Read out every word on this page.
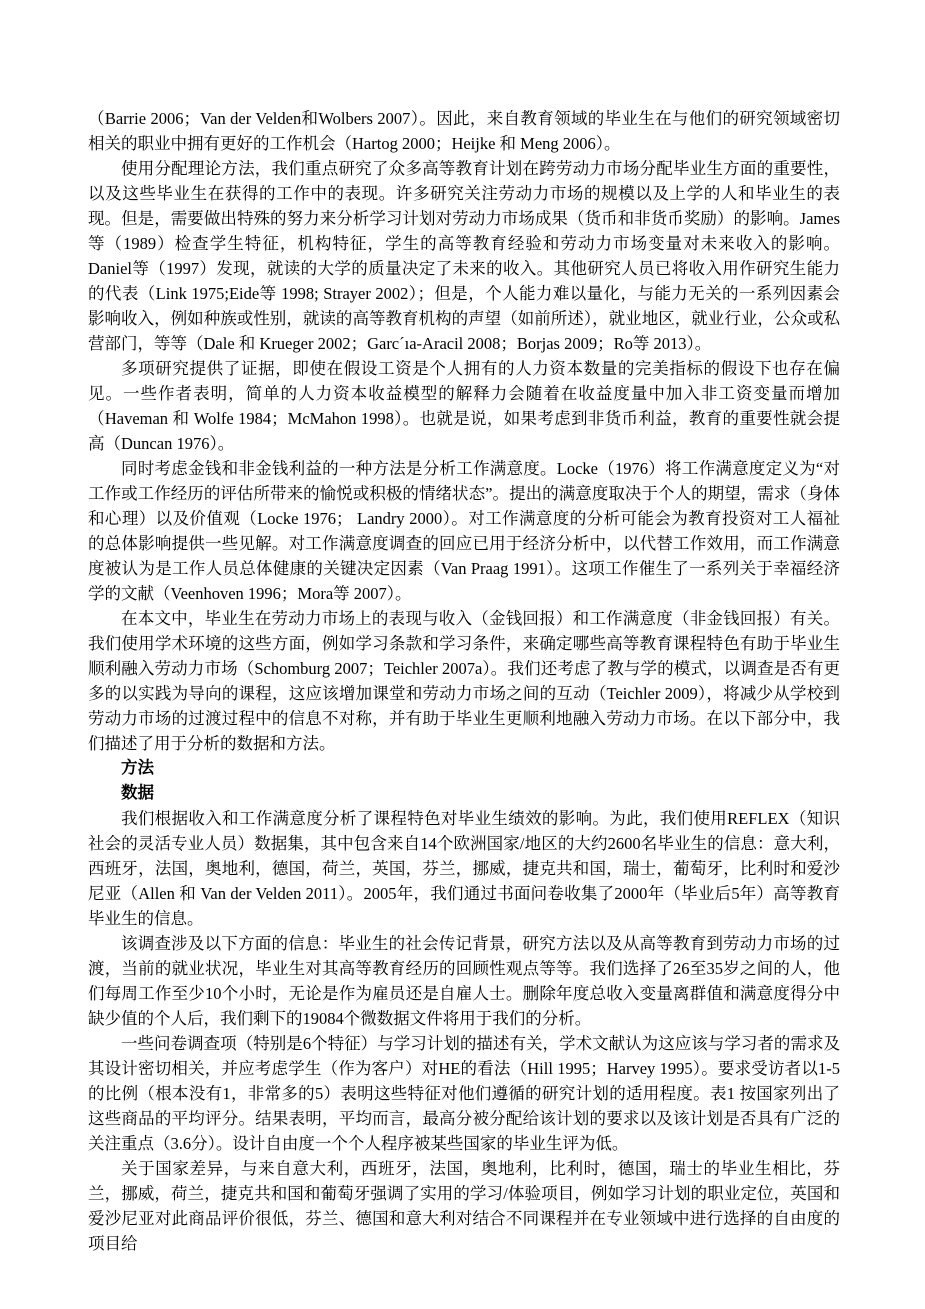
（Barrie 2006；Van der Velden和Wolbers 2007）。因此，来自教育领域的毕业生在与他们的研究领域密切相关的职业中拥有更好的工作机会（Hartog 2000；Heijke 和 Meng 2006）。

使用分配理论方法，我们重点研究了众多高等教育计划在跨劳动力市场分配毕业生方面的重要性，以及这些毕业生在获得的工作中的表现。许多研究关注劳动力市场的规模以及上学的人和毕业生的表现。但是，需要做出特殊的努力来分析学习计划对劳动力市场成果（货币和非货币奖励）的影响。James等（1989）检查学生特征，机构特征，学生的高等教育经验和劳动力市场变量对未来收入的影响。Daniel等（1997）发现，就读的大学的质量决定了未来的收入。其他研究人员已将收入用作研究生能力的代表（Link 1975;Eide等 1998; Strayer 2002）；但是，个人能力难以量化，与能力无关的一系列因素会影响收入，例如种族或性别，就读的高等教育机构的声望（如前所述），就业地区，就业行业，公众或私营部门，等等（Dale 和 Krueger 2002；Garc´ıa-Aracil 2008；Borjas 2009；Ro等 2013）。

多项研究提供了证据，即使在假设工资是个人拥有的人力资本数量的完美指标的假设下也存在偏见。一些作者表明，简单的人力资本收益模型的解释力会随着在收益度量中加入非工资变量而增加（Haveman 和 Wolfe 1984；McMahon 1998）。也就是说，如果考虑到非货币利益，教育的重要性就会提高（Duncan 1976）。

同时考虑金钱和非金钱利益的一种方法是分析工作满意度。Locke（1976）将工作满意度定义为“对工作或工作经历的评估所带来的愉悦或积极的情绪状态”。提出的满意度取决于个人的期望，需求（身体和心理）以及价值观（Locke 1976； Landry 2000）。对工作满意度的分析可能会为教育投资对工人福祉的总体影响提供一些见解。对工作满意度调查的回应已用于经济分析中，以代替工作效用，而工作满意度被认为是工作人员总体健康的关键决定因素（Van Praag 1991）。这项工作催生了一系列关于幸福经济学的文献（Veenhoven 1996；Mora等 2007）。

在本文中，毕业生在劳动力市场上的表现与收入（金钱回报）和工作满意度（非金钱回报）有关。我们使用学术环境的这些方面，例如学习条款和学习条件，来确定哪些高等教育课程特色有助于毕业生顺利融入劳动力市场（Schomburg 2007；Teichler 2007a）。我们还考虑了教与学的模式，以调查是否有更多的以实践为导向的课程，这应该增加课堂和劳动力市场之间的互动（Teichler 2009），将减少从学校到劳动力市场的过渡过程中的信息不对称，并有助于毕业生更顺利地融入劳动力市场。在以下部分中，我们描述了用于分析的数据和方法。

方法
数据

我们根据收入和工作满意度分析了课程特色对毕业生绩效的影响。为此，我们使用REFLEX（知识社会的灵活专业人员）数据集，其中包含来自14个欧洲国家/地区的大约2600名毕业生的信息：意大利，西班牙，法国，奥地利，德国，荷兰，英国，芬兰，挪威，捷克共和国，瑞士，葡萄牙，比利时和爱沙尼亚（Allen 和 Van der Velden 2011）。2005年，我们通过书面问卷收集了2000年（毕业后5年）高等教育毕业生的信息。

该调查涉及以下方面的信息：毕业生的社会传记背景，研究方法以及从高等教育到劳动力市场的过渡，当前的就业状况，毕业生对其高等教育经历的回顾性观点等等。我们选择了26至35岁之间的人，他们每周工作至少10个小时，无论是作为雇员还是自雇人士。删除年度总收入变量离群值和满意度得分中缺少值的个人后，我们剩下的19084个微数据文件将用于我们的分析。

一些问卷调查项（特别是6个特征）与学习计划的描述有关，学术文献认为这应该与学习者的需求及其设计密切相关，并应考虑学生（作为客户）对HE的看法（Hill 1995；Harvey 1995）。要求受访者以1-5的比例（根本没有1，非常多的5）表明这些特征对他们遵循的研究计划的适用程度。表1 按国家列出了这些商品的平均评分。结果表明，平均而言，最高分被分配给该计划的要求以及该计划是否具有广泛的关注重点（3.6分）。设计自由度一个个人程序被某些国家的毕业生评为低。

关于国家差异，与来自意大利，西班牙，法国，奥地利，比利时，德国，瑞士的毕业生相比，芬兰，挪威，荷兰，捷克共和国和葡萄牙强调了实用的学习/体验项目，例如学习计划的职业定位，英国和爱沙尼亚对此商品评价很低，芬兰、德国和意大利对结合不同课程并在专业领域中进行选择的自由度的项目给
